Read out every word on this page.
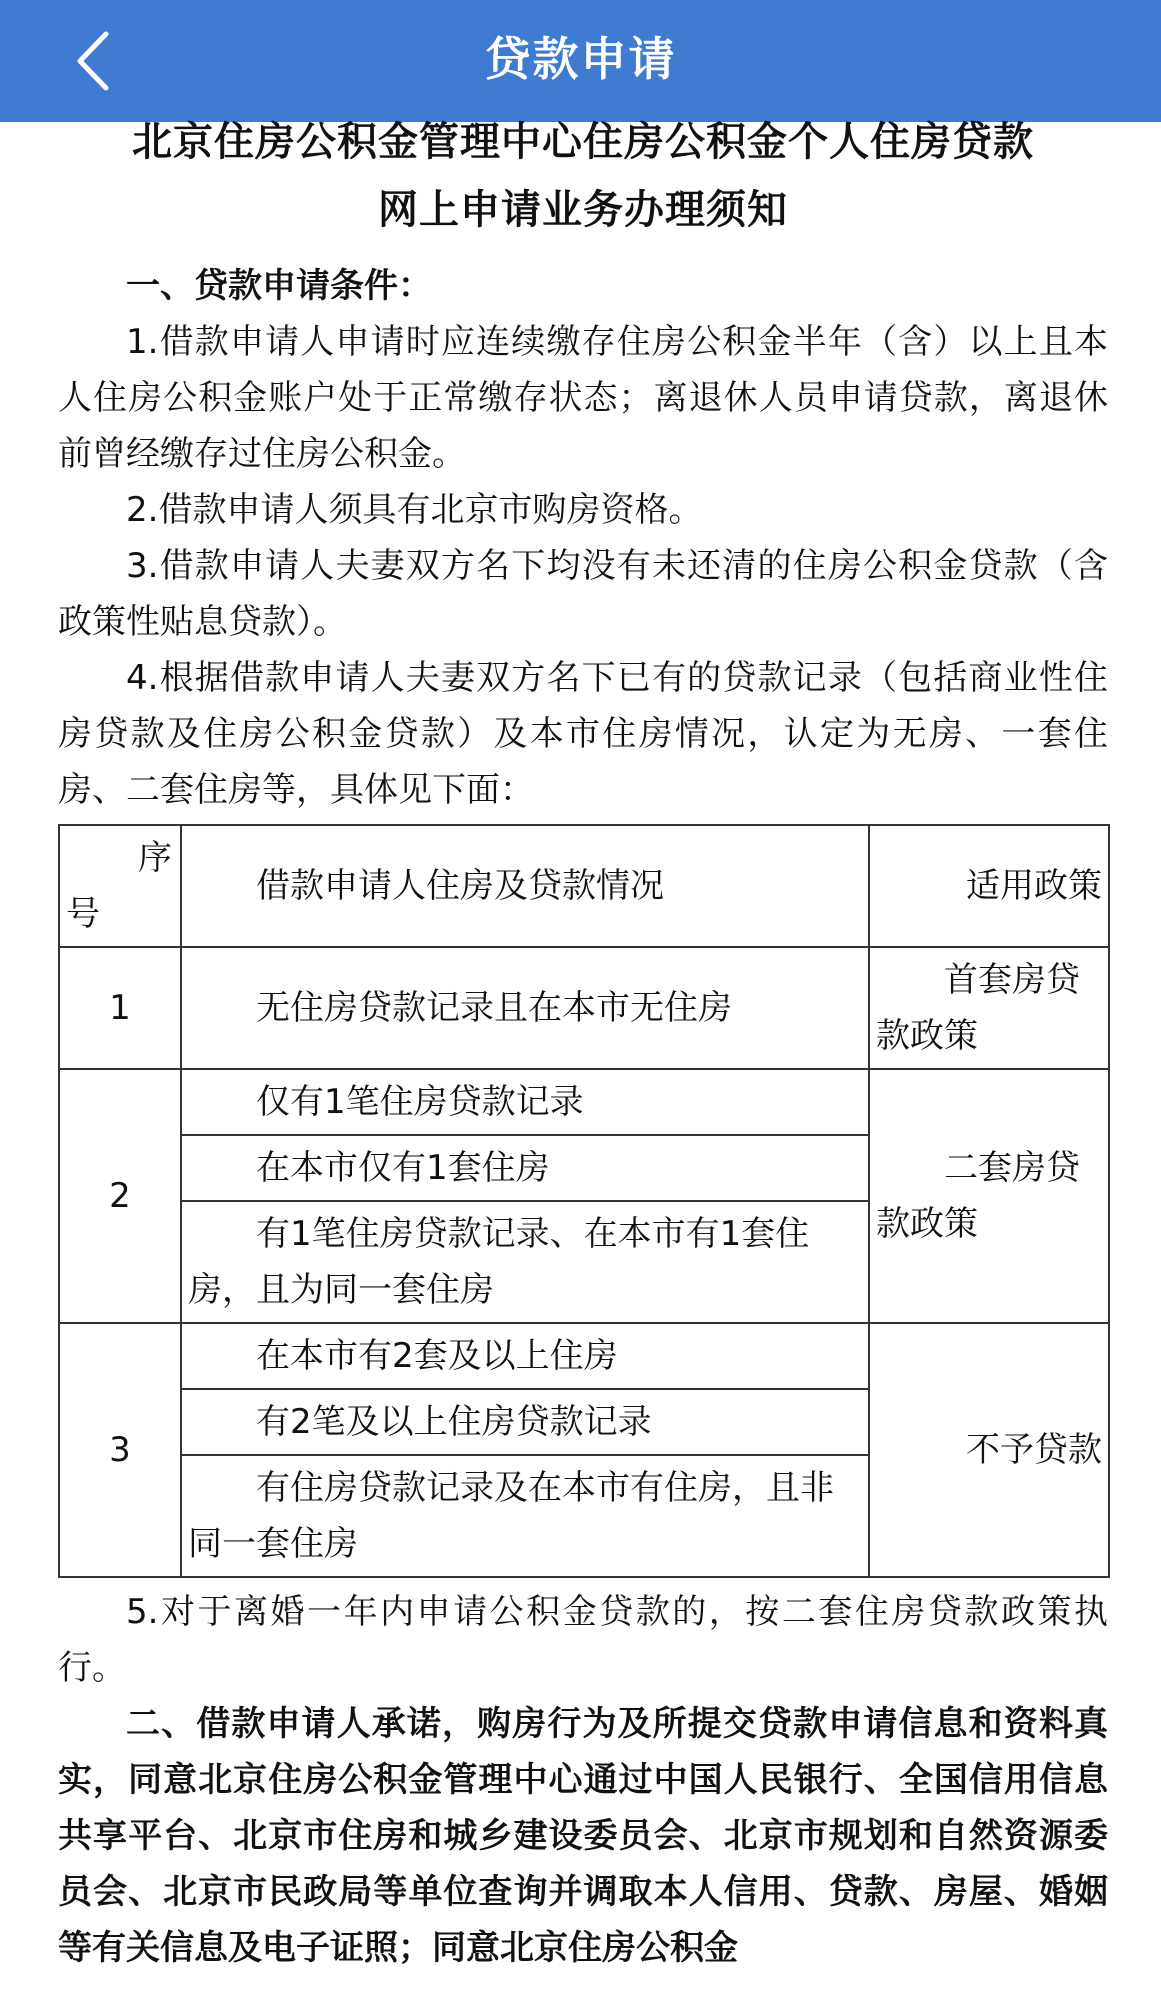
贷款申请

北京住房公积金管理中心住房公积金个人住房贷款

网上申请业务办理须知

一、贷款申请条件：

1.借款申请人申请时应连续缴存住房公积金半年（含）以上且本人住房公积金账户处于正常缴存状态；离退休人员申请贷款，离退休前曾经缴存过住房公积金。

2.借款申请人须具有北京市购房资格。

3.借款申请人夫妻双方名下均没有未还清的住房公积金贷款（含政策性贴息贷款）。

4.根据借款申请人夫妻双方名下已有的贷款记录（包括商业性住房贷款及住房公积金贷款）及本市住房情况，认定为无房、一套住房、二套住房等，具体见下面：

序
号	借款申请人住房及贷款情况	适用政策
1	无住房贷款记录且在本市无住房	首套房贷款政策
2	仅有1笔住房贷款记录	二套房贷款政策
	在本市仅有1套住房	
	有1笔住房贷款记录、在本市有1套住房，且为同一套住房	
3	在本市有2套及以上住房	不予贷款
	有2笔及以上住房贷款记录	
	有住房贷款记录及在本市有住房，且非同一套住房	

5.对于离婚一年内申请公积金贷款的，按二套住房贷款政策执行。

二、借款申请人承诺，购房行为及所提交贷款申请信息和资料真实，同意北京住房公积金管理中心通过中国人民银行、全国信用信息共享平台、北京市住房和城乡建设委员会、北京市规划和自然资源委员会、北京市民政局等单位查询并调取本人信用、贷款、房屋、婚姻等有关信息及电子证照；同意北京住房公积金
